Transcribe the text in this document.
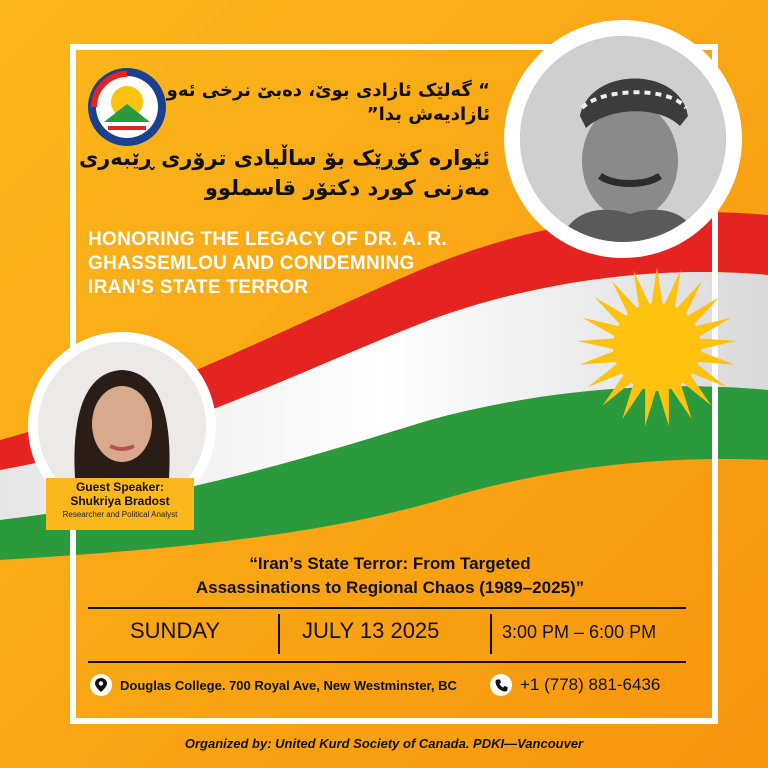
“ گەلێک ئازادی بوێ، دەبێ نرخی ئەو
ئازادیەش بدا”
ئێوارە کۆڕێک بۆ ساڵیادی ترۆری ڕێبەری
مەزنی کورد دکتۆر قاسملوو
HONORING THE LEGACY OF DR. A. R.
GHASSEMLOU AND CONDEMNING
IRAN’S STATE TERROR
Guest Speaker:
Shukriya Bradost
Researcher and Political Analyst
“Iran’s State Terror: From Targeted
Assassinations to Regional Chaos (1989–2025)”
SUNDAY	JULY 13 2025	3:00 PM – 6:00 PM
Douglas College. 700 Royal Ave, New Westminster, BC	+1 (778) 881-6436
Organized by: United Kurd Society of Canada. PDKI—Vancouver
